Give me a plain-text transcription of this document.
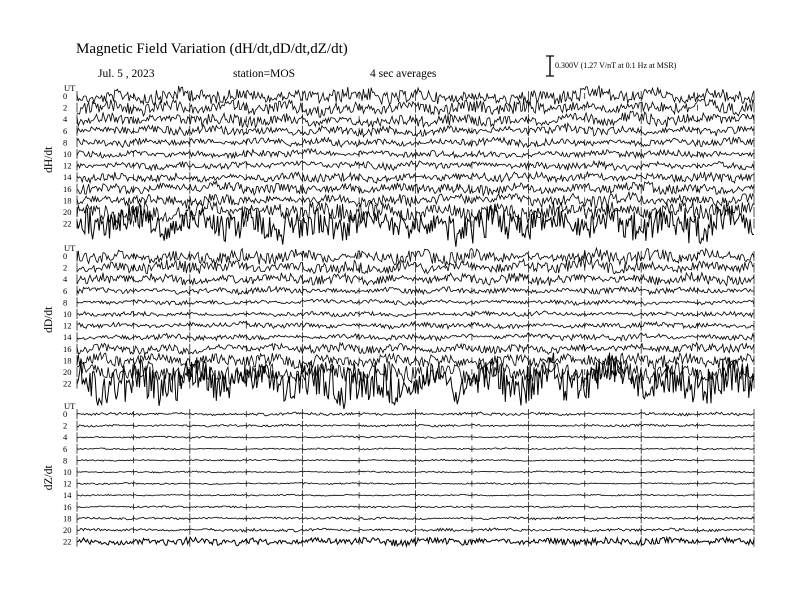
Magnetic Field Variation (dH/dt,dD/dt,dZ/dt)
Jul. 5 , 2023	station=MOS	4 sec averages
0.300V (1.27 V/nT at 0.1 Hz at MSR)
UT
dH/dt
0
2
4
6
8
10
12
14
16
18
20
22
UT
dD/dt
0
2
4
6
8
10
12
14
16
18
20
22
UT
dZ/dt
0
2
4
6
8
10
12
14
16
18
20
22
